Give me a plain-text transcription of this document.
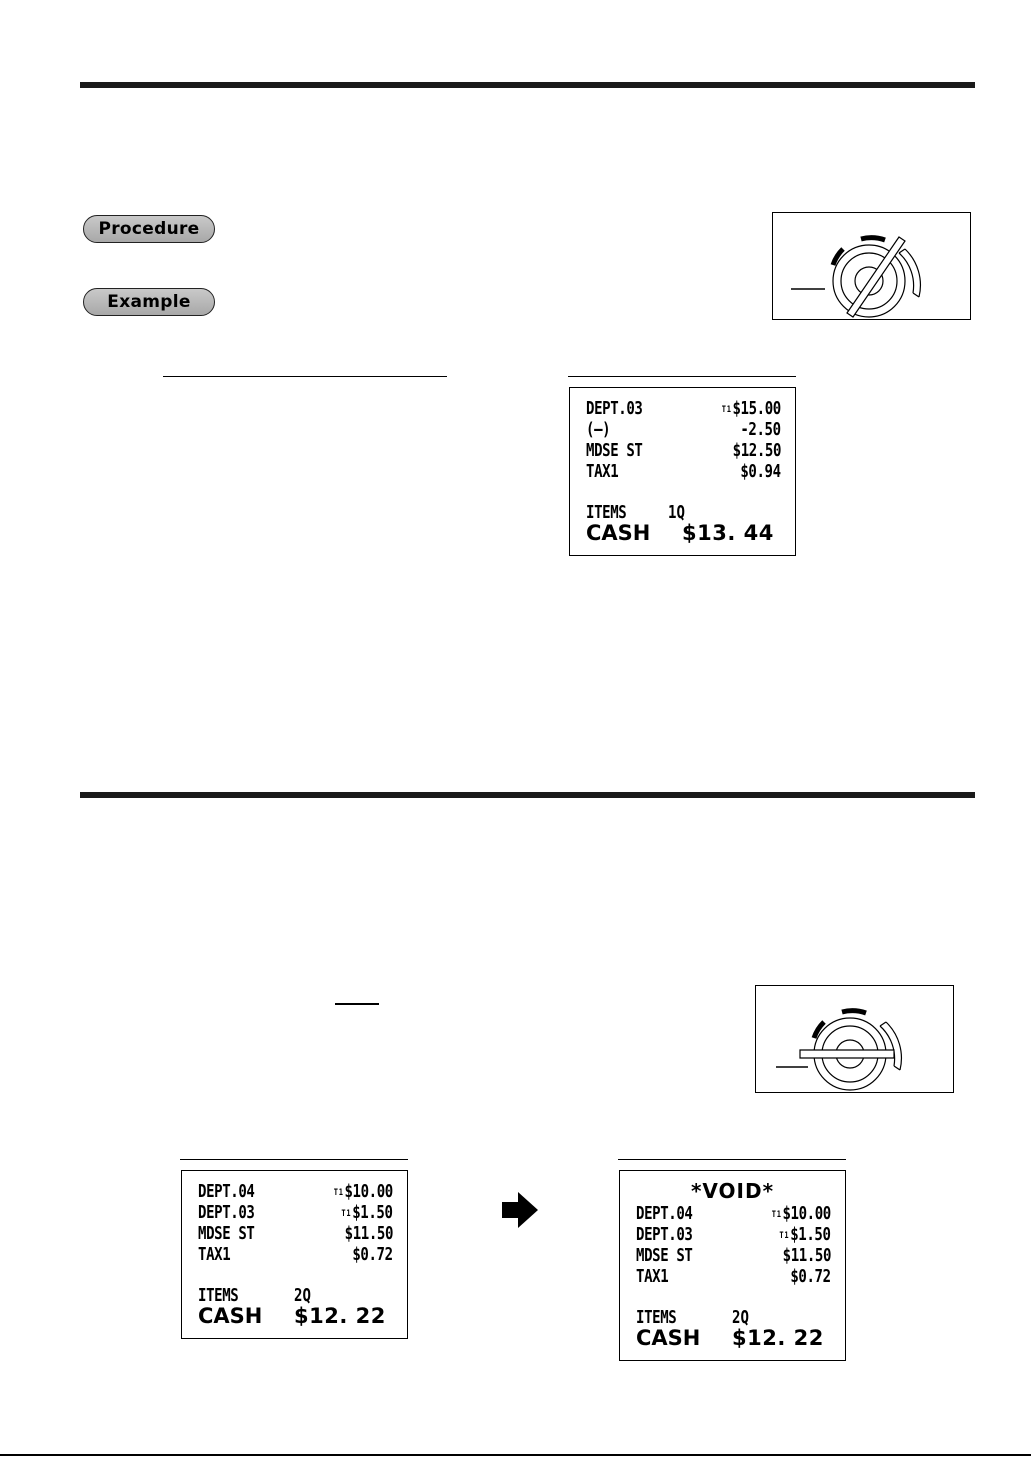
Procedure
Example
DEPT.03	T1$15.00
(—)	-2.50
MDSE ST	$12.50
TAX1	$0.94
ITEMS 1Q
CASH $13. 44
DEPT.04	T1$10.00
DEPT.03	T1$1.50
MDSE ST	$11.50
TAX1	$0.72
ITEMS	2Q
CASH $12. 22
*VOID*
DEPT.04	T1$10.00
DEPT.03	T1$1.50
MDSE ST	$11.50
TAX1	$0.72
ITEMS	2Q
CASH $12. 22
